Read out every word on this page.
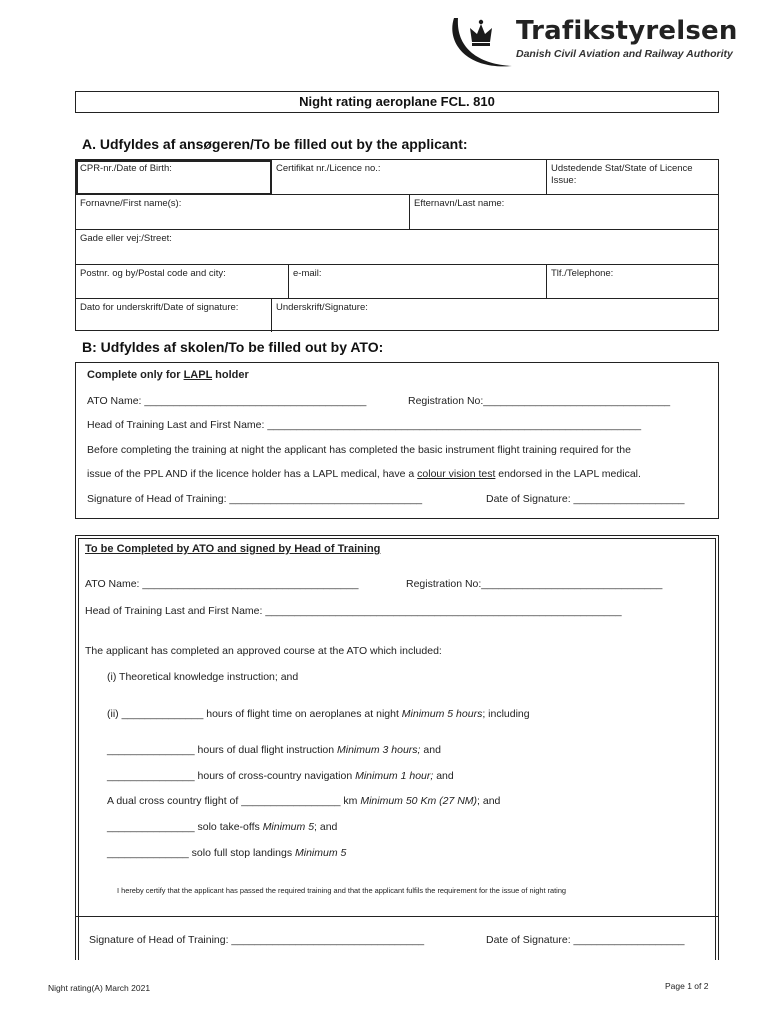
Trafikstyrelsen
Danish Civil Aviation and Railway Authority
Night rating aeroplane FCL. 810
A. Udfyldes af ansøgeren/To be filled out by the applicant:
CPR-nr./Date of Birth:	Certifikat nr./Licence no.:	Udstedende Stat/State of Licence Issue:
Fornavne/First name(s):	Efternavn/Last name:
Gade eller vej:/Street:
Postnr. og by/Postal code and city:	e-mail:	Tlf./Telephone:
Dato for underskrift/Date of signature:	Underskrift/Signature:
B: Udfyldes af skolen/To be filled out by ATO:
Complete only for LAPL holder
ATO Name: ______________________________________	Registration No:________________________________
Head of Training Last and First Name: ________________________________________________________________
Before completing the training at night the applicant has completed the basic instrument flight training required for the
issue of the PPL AND if the licence holder has a LAPL medical, have a colour vision test endorsed in the LAPL medical.
Signature of Head of Training: _________________________________	Date of Signature: ___________________
To be Completed by ATO and signed by Head of Training
ATO Name: _____________________________________	Registration No:_______________________________
Head of Training Last and First Name: _____________________________________________________________
The applicant has completed an approved course at the ATO which included:
(i) Theoretical knowledge instruction; and
(ii) ______________ hours of flight time on aeroplanes at night Minimum 5 hours; including
_______________ hours of dual flight instruction Minimum 3 hours; and
_______________ hours of cross-country navigation Minimum 1 hour; and
A dual cross country flight of _________________ km Minimum 50 Km (27 NM); and
_______________ solo take-offs Minimum 5; and
______________ solo full stop landings Minimum 5
I hereby certify that the applicant has passed the required training and that the applicant fulfils the requirement for the issue of night rating
Signature of Head of Training: _________________________________	Date of Signature: ___________________
Night rating(A) March 2021	Page 1 of 2
